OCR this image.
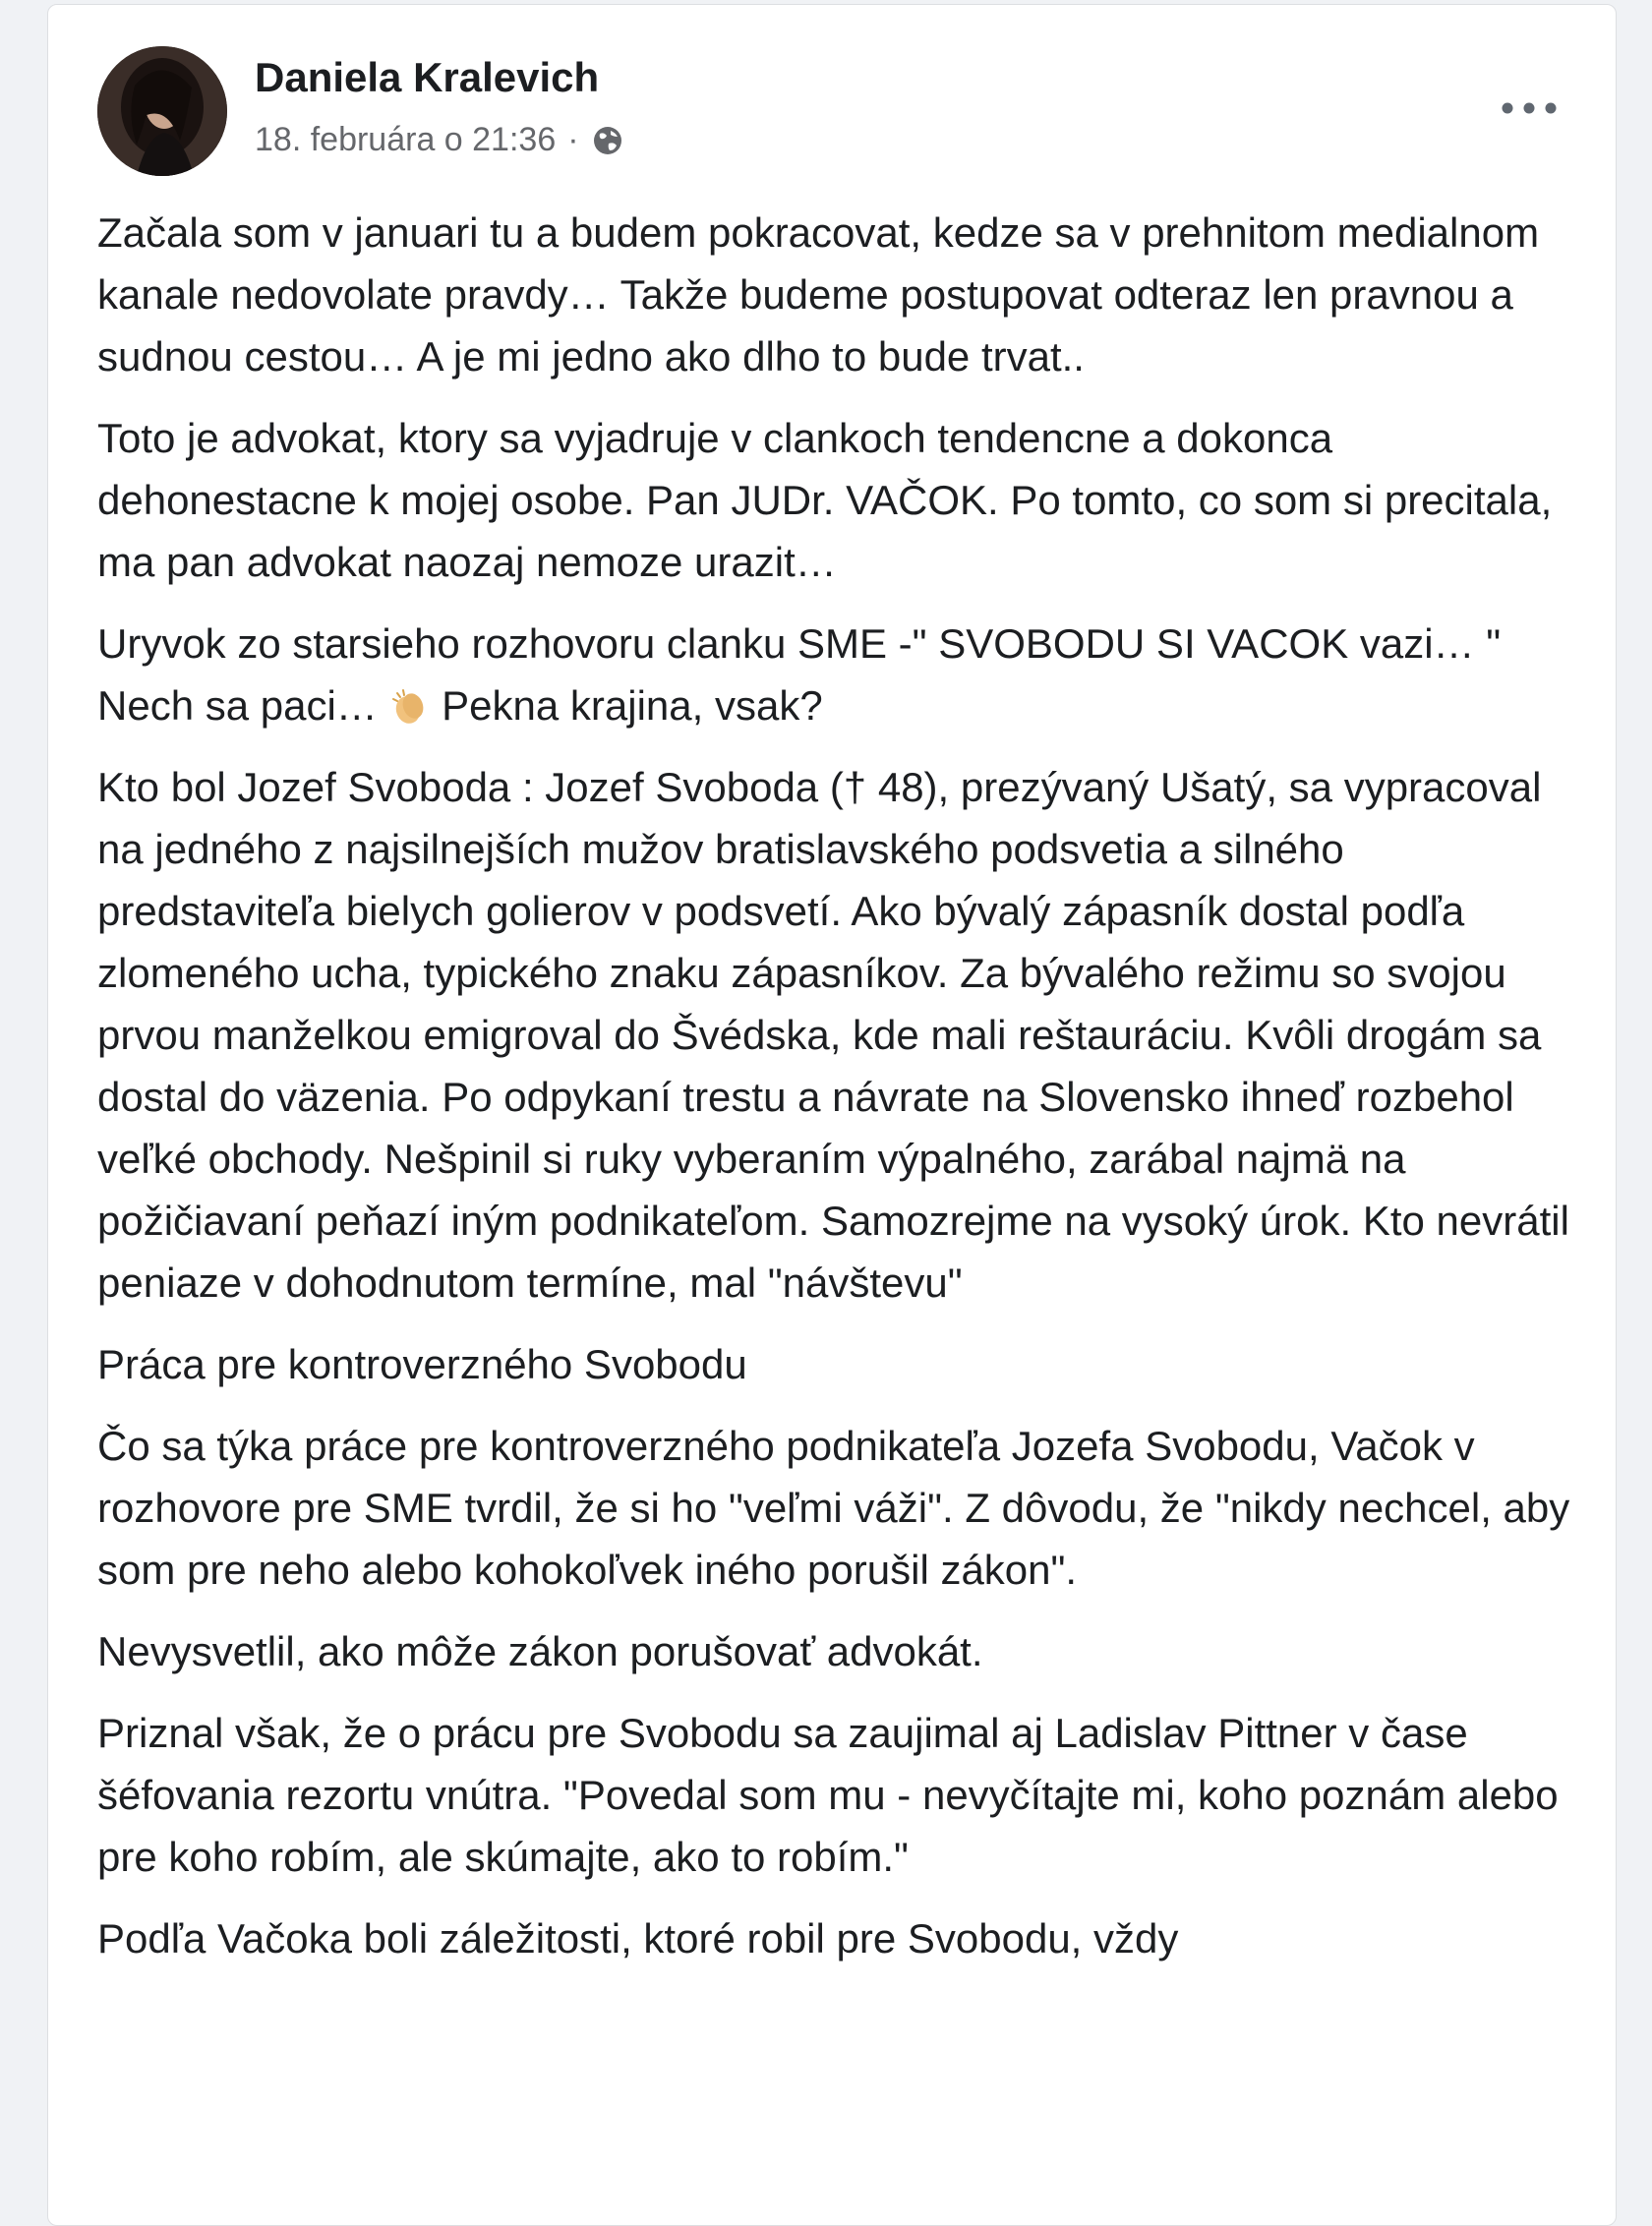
Daniela Kralevich
18. februára o 21:36 ·

Začala som v januari tu a budem pokracovat, kedze sa v prehnitom medialnom kanale nedovolate pravdy… Takže budeme postupovat odteraz len pravnou a sudnou cestou… A je mi jedno ako dlho to bude trvat..

Toto je advokat, ktory sa vyjadruje v clankoch tendencne a dokonca dehonestacne k mojej osobe. Pan JUDr. VAČOK. Po tomto, co som si precitala, ma pan advokat naozaj nemoze urazit…

Uryvok zo starsieho rozhovoru clanku SME -" SVOBODU SI VACOK vazi… " Nech sa paci… Pekna krajina, vsak?

Kto bol Jozef Svoboda : Jozef Svoboda († 48), prezývaný Ušatý, sa vypracoval na jedného z najsilnejších mužov bratislavského podsvetia a silného predstaviteľa bielych golierov v podsvetí. Ako bývalý zápasník dostal podľa zlomeného ucha, typického znaku zápasníkov. Za bývalého režimu so svojou prvou manželkou emigroval do Švédska, kde mali reštauráciu. Kvôli drogám sa dostal do väzenia. Po odpykaní trestu a návrate na Slovensko ihneď rozbehol veľké obchody. Nešpinil si ruky vyberaním výpalného, zarábal najmä na požičiavaní peňazí iným podnikateľom. Samozrejme na vysoký úrok. Kto nevrátil peniaze v dohodnutom termíne, mal "návštevu"

Práca pre kontroverzného Svobodu

Čo sa týka práce pre kontroverzného podnikateľa Jozefa Svobodu, Vačok v rozhovore pre SME tvrdil, že si ho "veľmi váži". Z dôvodu, že "nikdy nechcel, aby som pre neho alebo kohokoľvek iného porušil zákon".

Nevysvetlil, ako môže zákon porušovať advokát.

Priznal však, že o prácu pre Svobodu sa zaujimal aj Ladislav Pittner v čase šéfovania rezortu vnútra. "Povedal som mu - nevyčítajte mi, koho poznám alebo pre koho robím, ale skúmajte, ako to robím."

Podľa Vačoka boli záležitosti, ktoré robil pre Svobodu, vždy
